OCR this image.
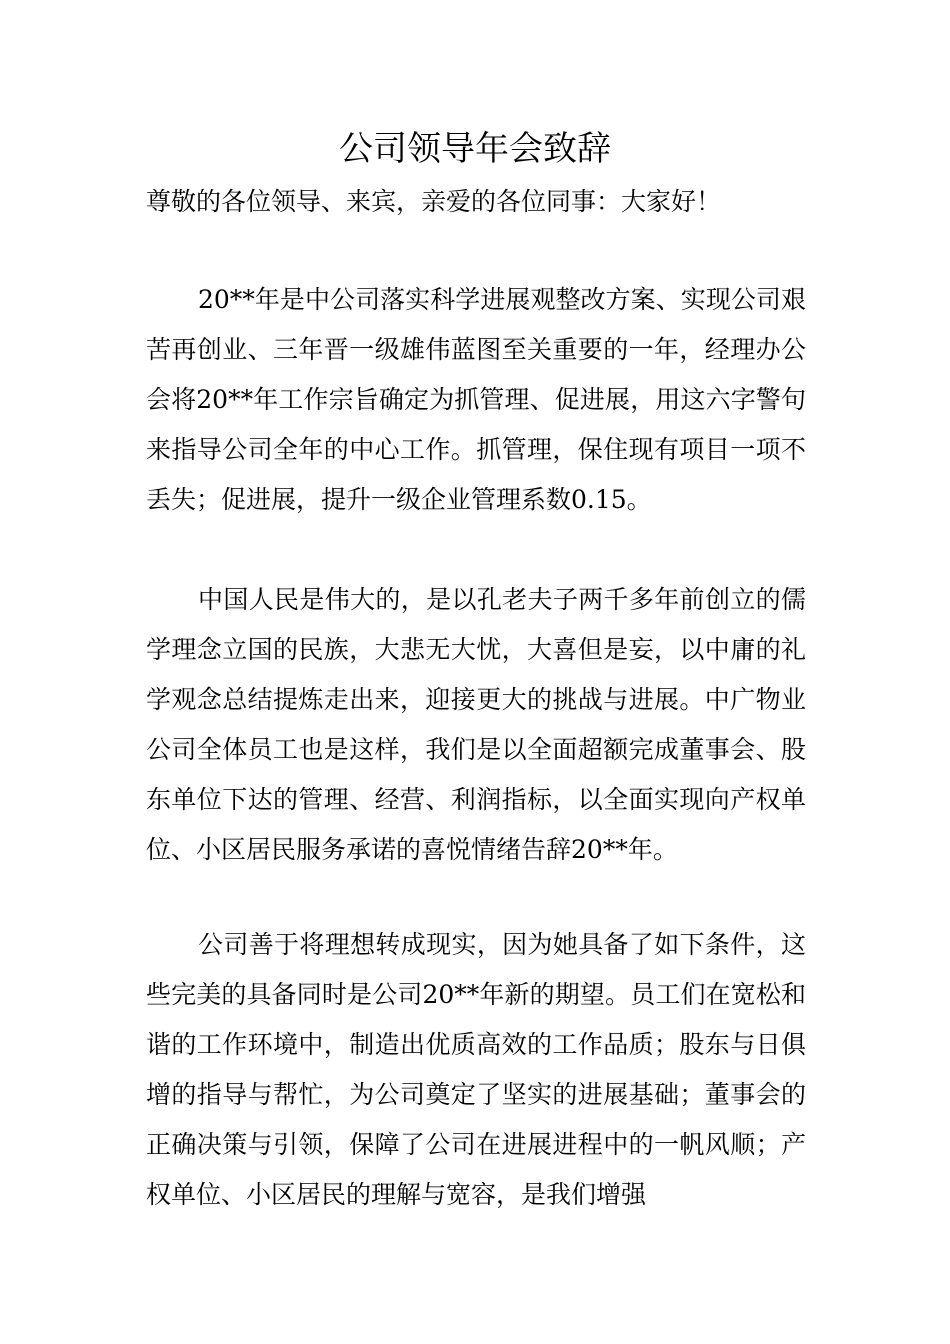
公司领导年会致辞

尊敬的各位领导、来宾，亲爱的各位同事：大家好！

20**年是中公司落实科学进展观整改方案、实现公司艰苦再创业、三年晋一级雄伟蓝图至关重要的一年，经理办公会将20**年工作宗旨确定为抓管理、促进展，用这六字警句来指导公司全年的中心工作。抓管理，保住现有项目一项不丢失；促进展，提升一级企业管理系数0.15。

中国人民是伟大的，是以孔老夫子两千多年前创立的儒学理念立国的民族，大悲无大忧，大喜但是妄，以中庸的礼学观念总结提炼走出来，迎接更大的挑战与进展。中广物业公司全体员工也是这样，我们是以全面超额完成董事会、股东单位下达的管理、经营、利润指标，以全面实现向产权单位、小区居民服务承诺的喜悦情绪告辞20**年。

公司善于将理想转成现实，因为她具备了如下条件，这些完美的具备同时是公司20**年新的期望。员工们在宽松和谐的工作环境中，制造出优质高效的工作品质；股东与日俱增的指导与帮忙，为公司奠定了坚实的进展基础；董事会的正确决策与引领，保障了公司在进展进程中的一帆风顺；产权单位、小区居民的理解与宽容，是我们增强
